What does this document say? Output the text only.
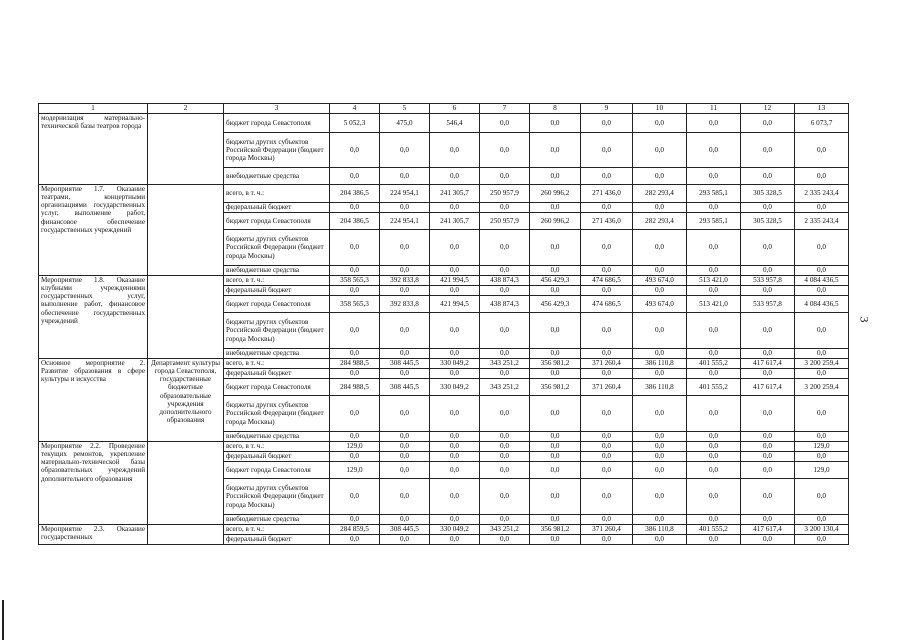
1	2	3	4	5	6	7	8	9	10	11	12	13
модернизация материально-технической базы театров города		бюджет города Севастополя	5 052,3	475,0	546,4	0,0	0,0	0,0	0,0	0,0	0,0	6 073,7
		бюджеты других субъектов Российской Федерации (бюджет города Москвы)	0,0	0,0	0,0	0,0	0,0	0,0	0,0	0,0	0,0	0,0
		внебюджетные средства	0,0	0,0	0,0	0,0	0,0	0,0	0,0	0,0	0,0	0,0
Мероприятие 1.7. Оказание театрами, концертными организациями государственных услуг, выполнение работ, финансовое обеспечение государственных учреждений		всего, в т. ч.:	204 386,5	224 954,1	241 305,7	250 957,9	260 996,2	271 436,0	282 293,4	293 585,1	305 328,5	2 335 243,4
		федеральный бюджет	0,0	0,0	0,0	0,0	0,0	0,0	0,0	0,0	0,0	0,0
		бюджет города Севастополя	204 386,5	224 954,1	241 305,7	250 957,9	260 996,2	271 436,0	282 293,4	293 585,1	305 328,5	2 335 243,4
		бюджеты других субъектов Российской Федерации (бюджет города Москвы)	0,0	0,0	0,0	0,0	0,0	0,0	0,0	0,0	0,0	0,0
		внебюджетные средства	0,0	0,0	0,0	0,0	0,0	0,0	0,0	0,0	0,0	0,0
Мероприятие 1.8. Оказание клубными учреждениями государственных услуг, выполнение работ, финансовое обеспечение государственных учреждений		всего, в т. ч.:	358 565,3	392 833,8	421 994,5	438 874,3	456 429,3	474 686,5	493 674,0	513 421,0	533 957,8	4 084 436,5
		федеральный бюджет	0,0	0,0	0,0	0,0	0,0	0,0	0,0	0,0	0,0	0,0
		бюджет города Севастополя	358 565,3	392 833,8	421 994,5	438 874,3	456 429,3	474 686,5	493 674,0	513 421,0	533 957,8	4 084 436,5
		бюджеты других субъектов Российской Федерации (бюджет города Москвы)	0,0	0,0	0,0	0,0	0,0	0,0	0,0	0,0	0,0	0,0
		внебюджетные средства	0,0	0,0	0,0	0,0	0,0	0,0	0,0	0,0	0,0	0,0
Основное мероприятие 2. Развитие образования в сфере культуры и искусства	Департамент культуры города Севастополя, государственные бюджетные образовательные учреждения дополнительного образования	всего, в т. ч.:	284 988,5	308 445,5	330 049,2	343 251,2	356 981,2	371 260,4	386 110,8	401 555,2	417 617,4	3 200 259,4
		федеральный бюджет	0,0	0,0	0,0	0,0	0,0	0,0	0,0	0,0	0,0	0,0
		бюджет города Севастополя	284 988,5	308 445,5	330 049,2	343 251,2	356 981,2	371 260,4	386 110,8	401 555,2	417 617,4	3 200 259,4
		бюджеты других субъектов Российской Федерации (бюджет города Москвы)	0,0	0,0	0,0	0,0	0,0	0,0	0,0	0,0	0,0	0,0
		внебюджетные средства	0,0	0,0	0,0	0,0	0,0	0,0	0,0	0,0	0,0	0,0
Мероприятие 2.2. Проведение текущих ремонтов, укрепление материально-технической базы образовательных учреждений дополнительного образования		всего, в т. ч.:	129,0	0,0	0,0	0,0	0,0	0,0	0,0	0,0	0,0	129,0
		федеральный бюджет	0,0	0,0	0,0	0,0	0,0	0,0	0,0	0,0	0,0	0,0
		бюджет города Севастополя	129,0	0,0	0,0	0,0	0,0	0,0	0,0	0,0	0,0	129,0
		бюджеты других субъектов Российской Федерации (бюджет города Москвы)	0,0	0,0	0,0	0,0	0,0	0,0	0,0	0,0	0,0	0,0
		внебюджетные средства	0,0	0,0	0,0	0,0	0,0	0,0	0,0	0,0	0,0	0,0
Мероприятие 2.3. Оказание государственных		всего, в т. ч.:	284 859,5	308 445,5	330 049,2	343 251,2	356 981,2	371 260,4	386 110,8	401 555,2	417 617,4	3 200 130,4
		федеральный бюджет	0,0	0,0	0,0	0,0	0,0	0,0	0,0	0,0	0,0	0,0
3
